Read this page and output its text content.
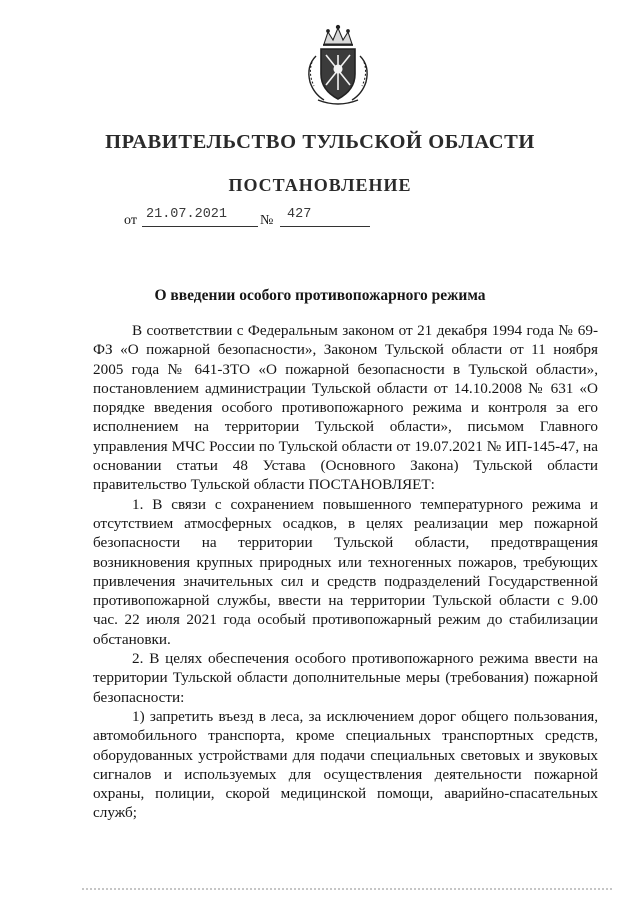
ПРАВИТЕЛЬСТВО ТУЛЬСКОЙ ОБЛАСТИ
ПОСТАНОВЛЕНИЕ
от 21.07.2021 № 427
О введении особого противопожарного режима

В соответствии с Федеральным законом от 21 декабря 1994 года № 69-ФЗ «О пожарной безопасности», Законом Тульской области от 11 ноября 2005 года № 641-ЗТО «О пожарной безопасности в Тульской области», постановлением администрации Тульской области от 14.10.2008 № 631 «О порядке введения особого противопожарного режима и контроля за его исполнением на территории Тульской области», письмом Главного управления МЧС России по Тульской области от 19.07.2021 № ИП-145-47, на основании статьи 48 Устава (Основного Закона) Тульской области правительство Тульской области ПОСТАНОВЛЯЕТ:

1. В связи с сохранением повышенного температурного режима и отсутствием атмосферных осадков, в целях реализации мер пожарной безопасности на территории Тульской области, предотвращения возникновения крупных природных или техногенных пожаров, требующих привлечения значительных сил и средств подразделений Государственной противопожарной службы, ввести на территории Тульской области с 9.00 час. 22 июля 2021 года особый противопожарный режим до стабилизации обстановки.

2. В целях обеспечения особого противопожарного режима ввести на территории Тульской области дополнительные меры (требования) пожарной безопасности:

1) запретить въезд в леса, за исключением дорог общего пользования, автомобильного транспорта, кроме специальных транспортных средств, оборудованных устройствами для подачи специальных световых и звуковых сигналов и используемых для осуществления деятельности пожарной охраны, полиции, скорой медицинской помощи, аварийно-спасательных служб;
